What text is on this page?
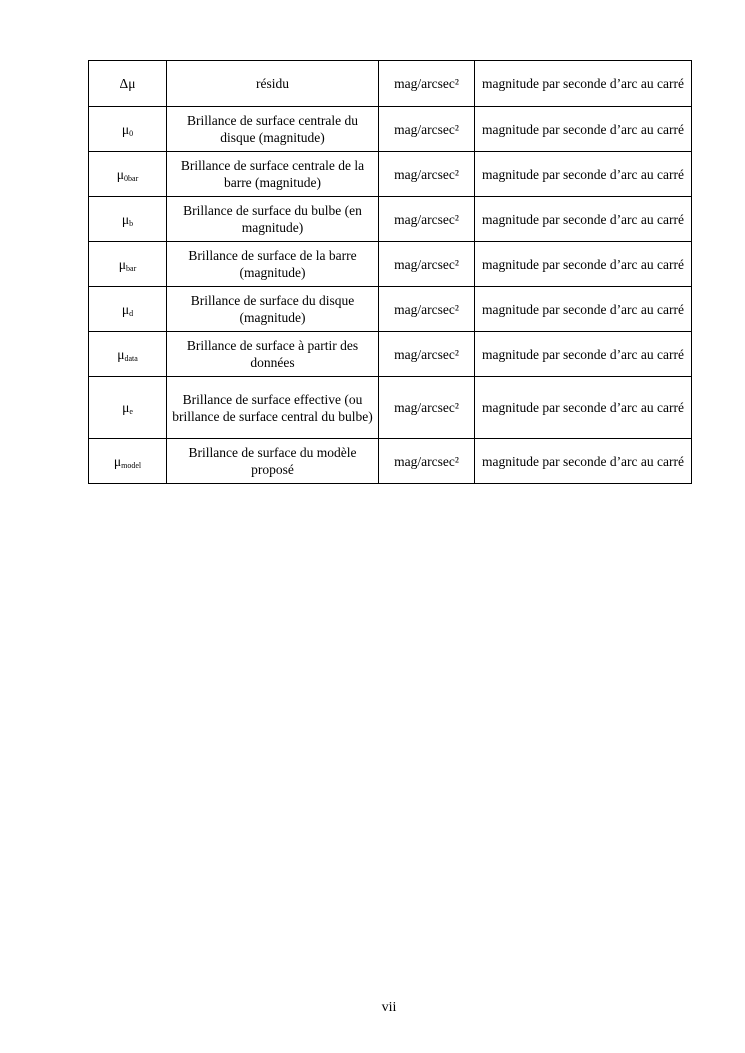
Δμ	résidu	mag/arcsec²	magnitude par seconde d’arc au carré
$\mu_0$	Brillance de surface centrale du disque (magnitude)	mag/arcsec²	magnitude par seconde d’arc au carré
$\mu_{0bar}$	Brillance de surface centrale de la barre (magnitude)	mag/arcsec²	magnitude par seconde d’arc au carré
$\mu_b$	Brillance de surface du bulbe (en magnitude)	mag/arcsec²	magnitude par seconde d’arc au carré
$\mu_{bar}$	Brillance de surface de la barre (magnitude)	mag/arcsec²	magnitude par seconde d’arc au carré
$\mu_d$	Brillance de surface du disque (magnitude)	mag/arcsec²	magnitude par seconde d’arc au carré
$\mu_{data}$	Brillance de surface à partir des données	mag/arcsec²	magnitude par seconde d’arc au carré
$\mu_e$	Brillance de surface effective (ou brillance de surface central du bulbe)	mag/arcsec²	magnitude par seconde d’arc au carré
$\mu_{model}$	Brillance de surface du modèle proposé	mag/arcsec²	magnitude par seconde d’arc au carré
vii
